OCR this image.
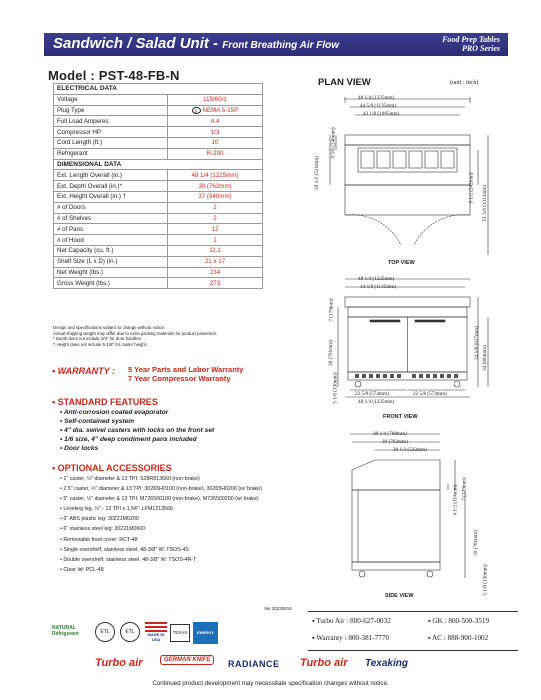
Sandwich / Salad Unit - Front Breathing Air Flow
Food Prep Tables
PRO Series
Model : PST-48-FB-N
ELECTRICAL DATA	
Voltage	115/60/1
Plug Type	|| NEMA 5-15P
Full Load Amperes	4.4
Compressor HP	1/3
Cord Length (ft.)	10
Refrigerant	R-290
DIMENSIONAL DATA	
Ext. Length Overall (in.)	48 1/4 (1225mm)
Ext. Depth Overall (in.)*	30 (762mm)
Ext. Height Overall (in.) †	37 (940mm)
# of Doors	2
# of Shelves	2
# of Pans	12
# of Hood	1
Net Capacity (cu. ft.)	11.1
Shelf Size (L x D) (in.)	21 x 17
Net Weight (lbs.)	234
Gross Weight (lbs.)	273
Design and specifications subject to change without notice.
Actual shipping weight may differ due to extra packing materials for product protection.
* Depth does not include 3/4" for door handles.
† Height does not include 5-1/8" for caster height.
• WARRANTY : 5 Year Parts and Labor Warranty
7 Year Compressor Warranty
• STANDARD FEATURES
• Anti-corrosion coated evaporator
• Self-contained system
• 4" dia. swivel casters with locks on the front set
• 1/6 size, 4" deep condiment pans included
• Door locks
• OPTIONAL ACCESSORIES
• 1" caster, ½" diameter & 13 TPI: S28R813660 (non-brake)
• 2.5" caster, ½" diameter & 13 TPI: 30265H0100 (non-brake), 30265H0200 (w/ brake)
• 5" caster, ½" diameter & 13 TPI: M726500100 (non-brake), M726500200 (w/ brake)
• Leveling leg, ½" - 13 TPI x 1.54": LFM1213566
• 6" ABS plastic leg: 30221M0200
• 6" stainless steel leg: 30221M0600
• Removable food cover: RCT-48
• Single overshelf, stainless steel, 48-3/8" W: TSOS-4S
• Double overshelf, stainless steel, 48-3/8" W: TSOS-4R-T
• Clear lid: PCL-48
Ver.20230816
PLAN VIEW	(unit : inch)
48 1/4 (1225mm)
44 5/8 (1135mm)
43 1/8 (1095mm)
9 5/8 (246mm)
20 1/2 (521mm)	9 1/2 (242mm) 51 5/8 (1312mm)
TOP VIEW
48 1/4 (1225mm)
44 5/8 (1135mm)
7 (179mm)
30 (761mm)	24 5/8 (627mm) 34 (864mm)
5 1/8 (130mm)	22 5/8 (574mm)	22 5/8 (574mm)
48 1/4 (1225mm)
FRONT VIEW
30 1/4 (768mm)
30 (762mm)
20 1/2 (522mm)
7 (179mm)
4 1/2 (114mm)
30 (761mm)
5 1/8 (130mm)
SIDE VIEW
NATURAL Refrigerant	ETL	ETL	MADE IN USA
TEXAS	ENERGY STAR
▪ Turbo Air : 800-627-0032	▪ GK : 800-500-3519
▪ Warranty : 800-381-7770	▪ AC : 888-900-1002
Turbo air	GERMAN KNIFE	RADIANCE Turbo air Texaking
Continued product development may necessitate specification changes without notice.
